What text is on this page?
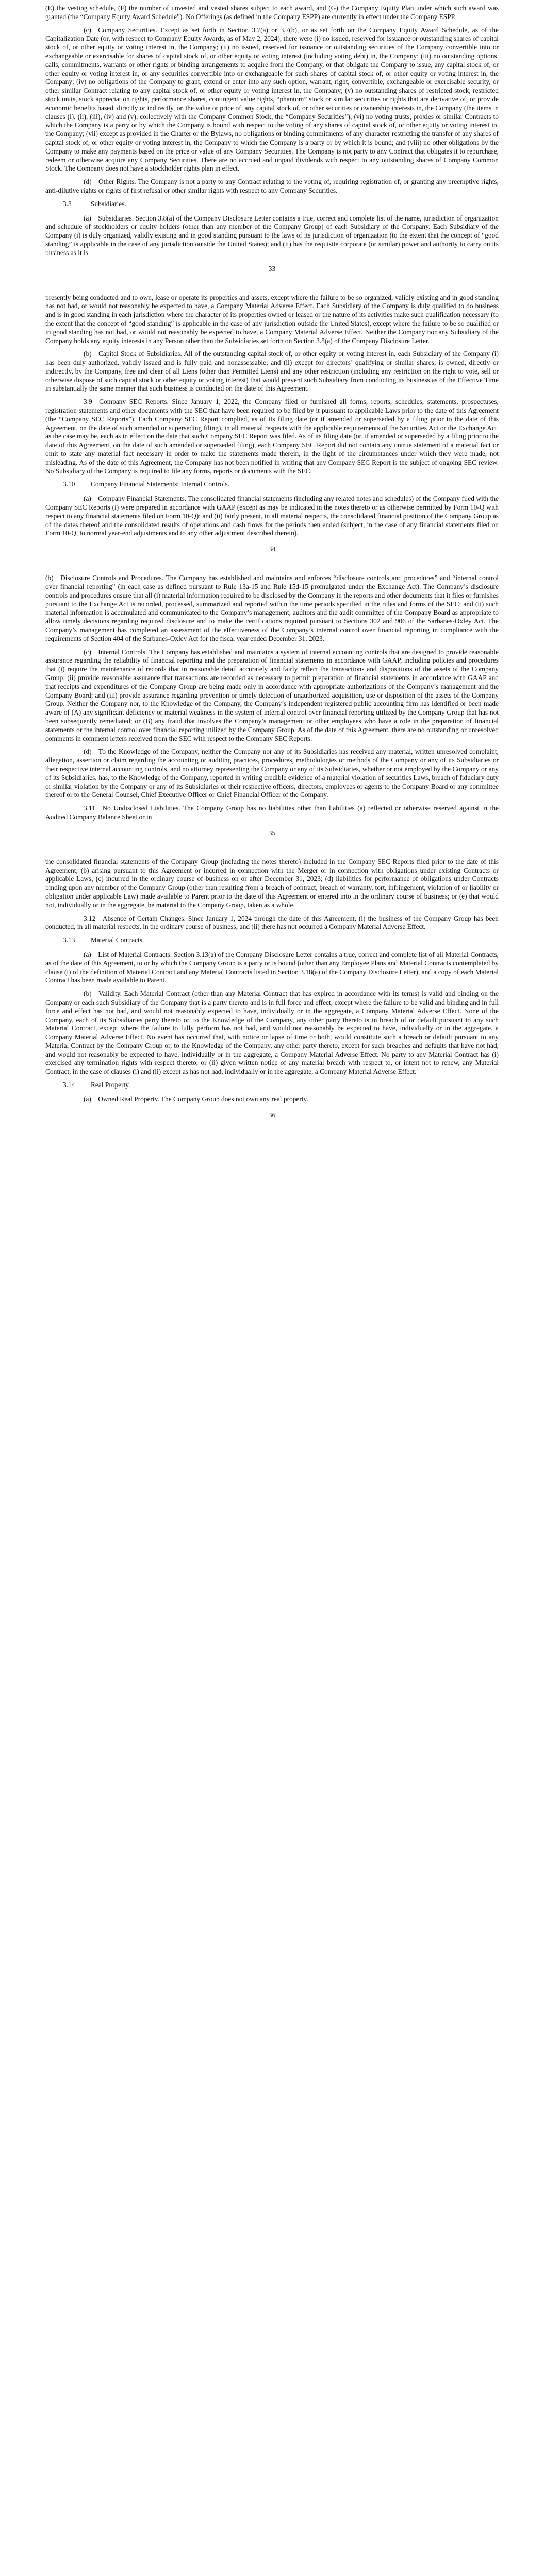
(E) the vesting schedule, (F) the number of unvested and vested shares subject to each award, and (G) the Company Equity Plan under which such award was granted (the “Company Equity Award Schedule”). No Offerings (as defined in the Company ESPP) are currently in effect under the Company ESPP.

(c) Company Securities. Except as set forth in Section 3.7(a) or 3.7(b), or as set forth on the Company Equity Award Schedule, as of the Capitalization Date (or, with respect to Company Equity Awards, as of May 2, 2024), there were (i) no issued, reserved for issuance or outstanding shares of capital stock of, or other equity or voting interest in, the Company; (ii) no issued, reserved for issuance or outstanding securities of the Company convertible into or exchangeable or exercisable for shares of capital stock of, or other equity or voting interest (including voting debt) in, the Company; (iii) no outstanding options, calls, commitments, warrants or other rights or binding arrangements to acquire from the Company, or that obligate the Company to issue, any capital stock of, or other equity or voting interest in, or any securities convertible into or exchangeable for such shares of capital stock of, or other equity or voting interest in, the Company; (iv) no obligations of the Company to grant, extend or enter into any such option, warrant, right, convertible, exchangeable or exercisable security, or other similar Contract relating to any capital stock of, or other equity or voting interest in, the Company; (v) no outstanding shares of restricted stock, restricted stock units, stock appreciation rights, performance shares, contingent value rights, “phantom” stock or similar securities or rights that are derivative of, or provide economic benefits based, directly or indirectly, on the value or price of, any capital stock of, or other securities or ownership interests in, the Company (the items in clauses (i), (ii), (iii), (iv) and (v), collectively with the Company Common Stock, the “Company Securities”); (vi) no voting trusts, proxies or similar Contracts to which the Company is a party or by which the Company is bound with respect to the voting of any shares of capital stock of, or other equity or voting interest in, the Company; (vii) except as provided in the Charter or the Bylaws, no obligations or binding commitments of any character restricting the transfer of any shares of capital stock of, or other equity or voting interest in, the Company to which the Company is a party or by which it is bound; and (viii) no other obligations by the Company to make any payments based on the price or value of any Company Securities. The Company is not party to any Contract that obligates it to repurchase, redeem or otherwise acquire any Company Securities. There are no accrued and unpaid dividends with respect to any outstanding shares of Company Common Stock. The Company does not have a stockholder rights plan in effect.

(d) Other Rights. The Company is not a party to any Contract relating to the voting of, requiring registration of, or granting any preemptive rights, anti-dilutive rights or rights of first refusal or other similar rights with respect to any Company Securities.

3.8	Subsidiaries.

(a) Subsidiaries. Section 3.8(a) of the Company Disclosure Letter contains a true, correct and complete list of the name, jurisdiction of organization and schedule of stockholders or equity holders (other than any member of the Company Group) of each Subsidiary of the Company. Each Subsidiary of the Company (i) is duly organized, validly existing and in good standing pursuant to the laws of its jurisdiction of organization (to the extent that the concept of “good standing” is applicable in the case of any jurisdiction outside the United States); and (ii) has the requisite corporate (or similar) power and authority to carry on its business as it is

33

presently being conducted and to own, lease or operate its properties and assets, except where the failure to be so organized, validly existing and in good standing has not had, or would not reasonably be expected to have, a Company Material Adverse Effect. Each Subsidiary of the Company is duly qualified to do business and is in good standing in each jurisdiction where the character of its properties owned or leased or the nature of its activities make such qualification necessary (to the extent that the concept of “good standing” is applicable in the case of any jurisdiction outside the United States), except where the failure to be so qualified or in good standing has not had, or would not reasonably be expected to have, a Company Material Adverse Effect. Neither the Company nor any Subsidiary of the Company holds any equity interests in any Person other than the Subsidiaries set forth on Section 3.8(a) of the Company Disclosure Letter.

(b) Capital Stock of Subsidiaries. All of the outstanding capital stock of, or other equity or voting interest in, each Subsidiary of the Company (i) has been duly authorized, validly issued and is fully paid and nonassessable; and (ii) except for directors’ qualifying or similar shares, is owned, directly or indirectly, by the Company, free and clear of all Liens (other than Permitted Liens) and any other restriction (including any restriction on the right to vote, sell or otherwise dispose of such capital stock or other equity or voting interest) that would prevent such Subsidiary from conducting its business as of the Effective Time in substantially the same manner that such business is conducted on the date of this Agreement.

3.9 Company SEC Reports. Since January 1, 2022, the Company filed or furnished all forms, reports, schedules, statements, prospectuses, registration statements and other documents with the SEC that have been required to be filed by it pursuant to applicable Laws prior to the date of this Agreement (the “Company SEC Reports”). Each Company SEC Report complied, as of its filing date (or if amended or superseded by a filing prior to the date of this Agreement, on the date of such amended or superseding filing), in all material respects with the applicable requirements of the Securities Act or the Exchange Act, as the case may be, each as in effect on the date that such Company SEC Report was filed. As of its filing date (or, if amended or superseded by a filing prior to the date of this Agreement, on the date of such amended or superseded filing), each Company SEC Report did not contain any untrue statement of a material fact or omit to state any material fact necessary in order to make the statements made therein, in the light of the circumstances under which they were made, not misleading. As of the date of this Agreement, the Company has not been notified in writing that any Company SEC Report is the subject of ongoing SEC review. No Subsidiary of the Company is required to file any forms, reports or documents with the SEC.

3.10 Company Financial Statements; Internal Controls.

(a) Company Financial Statements. The consolidated financial statements (including any related notes and schedules) of the Company filed with the Company SEC Reports (i) were prepared in accordance with GAAP (except as may be indicated in the notes thereto or as otherwise permitted by Form 10-Q with respect to any financial statements filed on Form 10-Q); and (ii) fairly present, in all material respects, the consolidated financial position of the Company Group as of the dates thereof and the consolidated results of operations and cash flows for the periods then ended (subject, in the case of any financial statements filed on Form 10-Q, to normal year-end adjustments and to any other adjustment described therein).

34

(b) Disclosure Controls and Procedures. The Company has established and maintains and enforces “disclosure controls and procedures” and “internal control over financial reporting” (in each case as defined pursuant to Rule 13a-15 and Rule 15d-15 promulgated under the Exchange Act). The Company’s disclosure controls and procedures ensure that all (i) material information required to be disclosed by the Company in the reports and other documents that it files or furnishes pursuant to the Exchange Act is recorded, processed, summarized and reported within the time periods specified in the rules and forms of the SEC; and (ii) such material information is accumulated and communicated to the Company’s management, auditors and the audit committee of the Company Board as appropriate to allow timely decisions regarding required disclosure and to make the certifications required pursuant to Sections 302 and 906 of the Sarbanes-Oxley Act. The Company’s management has completed an assessment of the effectiveness of the Company’s internal control over financial reporting in compliance with the requirements of Section 404 of the Sarbanes-Oxley Act for the fiscal year ended December 31, 2023.

(c) Internal Controls. The Company has established and maintains a system of internal accounting controls that are designed to provide reasonable assurance regarding the reliability of financial reporting and the preparation of financial statements in accordance with GAAP, including policies and procedures that (i) require the maintenance of records that in reasonable detail accurately and fairly reflect the transactions and dispositions of the assets of the Company Group; (ii) provide reasonable assurance that transactions are recorded as necessary to permit preparation of financial statements in accordance with GAAP and that receipts and expenditures of the Company Group are being made only in accordance with appropriate authorizations of the Company’s management and the Company Board; and (iii) provide assurance regarding prevention or timely detection of unauthorized acquisition, use or disposition of the assets of the Company Group. Neither the Company nor, to the Knowledge of the Company, the Company’s independent registered public accounting firm has identified or been made aware of (A) any significant deficiency or material weakness in the system of internal control over financial reporting utilized by the Company Group that has not been subsequently remediated; or (B) any fraud that involves the Company’s management or other employees who have a role in the preparation of financial statements or the internal control over financial reporting utilized by the Company Group. As of the date of this Agreement, there are no outstanding or unresolved comments in comment letters received from the SEC with respect to the Company SEC Reports.

(d) To the Knowledge of the Company, neither the Company nor any of its Subsidiaries has received any material, written unresolved complaint, allegation, assertion or claim regarding the accounting or auditing practices, procedures, methodologies or methods of the Company or any of its Subsidiaries or their respective internal accounting controls, and no attorney representing the Company or any of its Subsidiaries, whether or not employed by the Company or any of its Subsidiaries, has, to the Knowledge of the Company, reported in writing credible evidence of a material violation of securities Laws, breach of fiduciary duty or similar violation by the Company or any of its Subsidiaries or their respective officers, directors, employees or agents to the Company Board or any committee thereof or to the General Counsel, Chief Executive Officer or Chief Financial Officer of the Company.

3.11 No Undisclosed Liabilities. The Company Group has no liabilities other than liabilities (a) reflected or otherwise reserved against in the Audited Company Balance Sheet or in

35

the consolidated financial statements of the Company Group (including the notes thereto) included in the Company SEC Reports filed prior to the date of this Agreement; (b) arising pursuant to this Agreement or incurred in connection with the Merger or in connection with obligations under existing Contracts or applicable Laws; (c) incurred in the ordinary course of business on or after December 31, 2023; (d) liabilities for performance of obligations under Contracts binding upon any member of the Company Group (other than resulting from a breach of contract, breach of warranty, tort, infringement, violation of or liability or obligation under applicable Law) made available to Parent prior to the date of this Agreement or entered into in the ordinary course of business; or (e) that would not, individually or in the aggregate, be material to the Company Group, taken as a whole.

3.12 Absence of Certain Changes. Since January 1, 2024 through the date of this Agreement, (i) the business of the Company Group has been conducted, in all material respects, in the ordinary course of business; and (ii) there has not occurred a Company Material Adverse Effect.

3.13 Material Contracts.

(a) List of Material Contracts. Section 3.13(a) of the Company Disclosure Letter contains a true, correct and complete list of all Material Contracts, as of the date of this Agreement, to or by which the Company Group is a party or is bound (other than any Employee Plans and Material Contracts contemplated by clause (i) of the definition of Material Contract and any Material Contracts listed in Section 3.18(a) of the Company Disclosure Letter), and a copy of each Material Contract has been made available to Parent.

(b) Validity. Each Material Contract (other than any Material Contract that has expired in accordance with its terms) is valid and binding on the Company or each such Subsidiary of the Company that is a party thereto and is in full force and effect, except where the failure to be valid and binding and in full force and effect has not had, and would not reasonably expected to have, individually or in the aggregate, a Company Material Adverse Effect. None of the Company, each of its Subsidiaries party thereto or, to the Knowledge of the Company, any other party thereto is in breach of or default pursuant to any such Material Contract, except where the failure to fully perform has not had, and would not reasonably be expected to have, individually or in the aggregate, a Company Material Adverse Effect. No event has occurred that, with notice or lapse of time or both, would constitute such a breach or default pursuant to any Material Contract by the Company Group or, to the Knowledge of the Company, any other party thereto, except for such breaches and defaults that have not had, and would not reasonably be expected to have, individually or in the aggregate, a Company Material Adverse Effect. No party to any Material Contract has (i) exercised any termination rights with respect thereto, or (ii) given written notice of any material breach with respect to, or intent not to renew, any Material Contract, in the case of clauses (i) and (ii) except as has not had, individually or in the aggregate, a Company Material Adverse Effect.

3.14 Real Property.

(a) Owned Real Property. The Company Group does not own any real property.

36
